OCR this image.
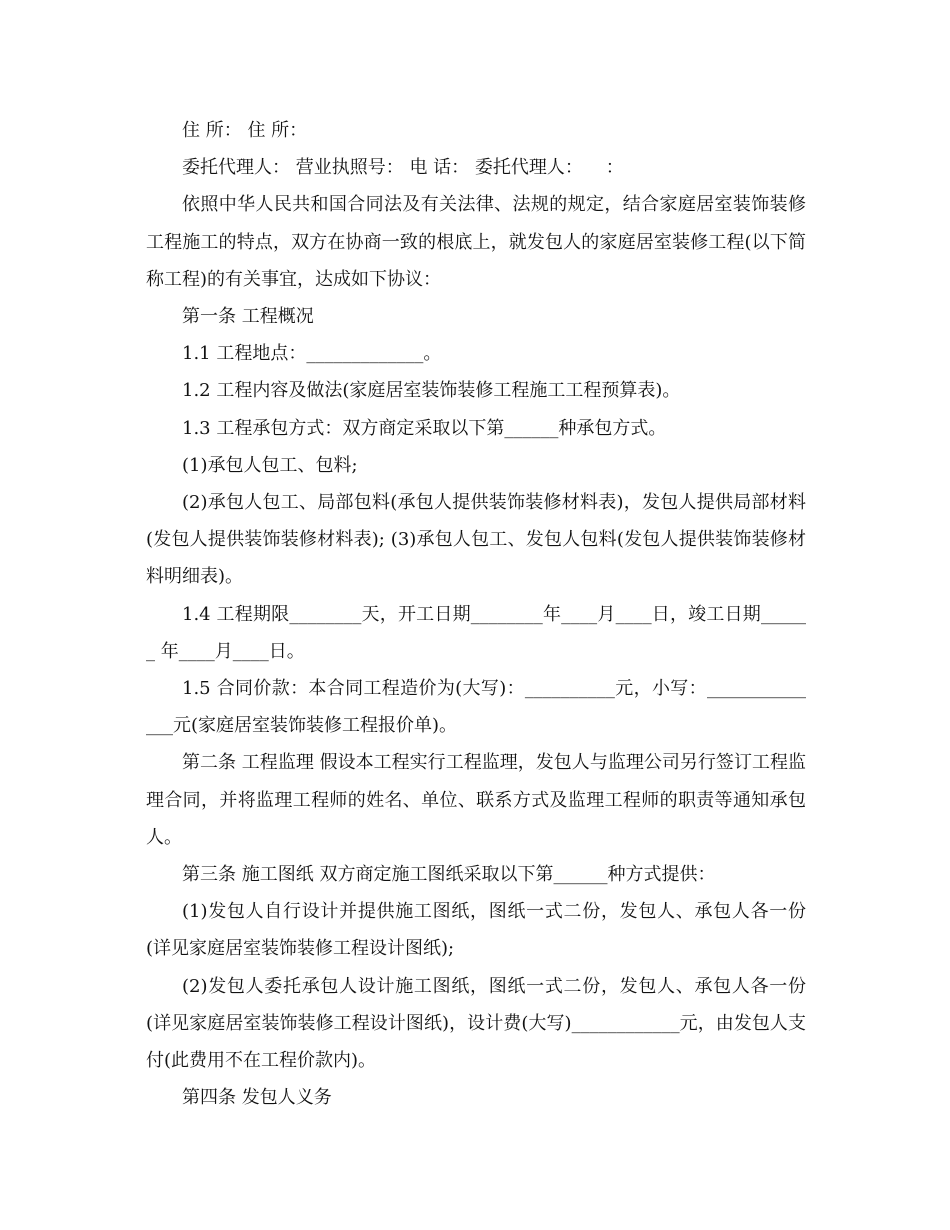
住 所： 住 所：

委托代理人： 营业执照号： 电 话： 委托代理人：    ：

依照中华人民共和国合同法及有关法律、法规的规定，结合家庭居室装饰装修工程施工的特点，双方在协商一致的根底上，就发包人的家庭居室装修工程(以下简称工程)的有关事宜，达成如下协议：

第一条 工程概况

1.1 工程地点：_____________。

1.2 工程内容及做法(家庭居室装饰装修工程施工工程预算表)。

1.3 工程承包方式：双方商定采取以下第______种承包方式。

(1)承包人包工、包料;

(2)承包人包工、局部包料(承包人提供装饰装修材料表)，发包人提供局部材料(发包人提供装饰装修材料表); (3)承包人包工、发包人包料(发包人提供装饰装修材料明细表)。

1.4 工程期限________天，开工日期________年____月____日，竣工日期______ 年____月____日。

1.5 合同价款：本合同工程造价为(大写)：__________元，小写：______________元(家庭居室装饰装修工程报价单)。

第二条 工程监理 假设本工程实行工程监理，发包人与监理公司另行签订工程监理合同，并将监理工程师的姓名、单位、联系方式及监理工程师的职责等通知承包人。

第三条 施工图纸 双方商定施工图纸采取以下第______种方式提供：

(1)发包人自行设计并提供施工图纸，图纸一式二份，发包人、承包人各一份(详见家庭居室装饰装修工程设计图纸);

(2)发包人委托承包人设计施工图纸，图纸一式二份，发包人、承包人各一份(详见家庭居室装饰装修工程设计图纸)，设计费(大写)____________元，由发包人支付(此费用不在工程价款内)。

第四条 发包人义务
